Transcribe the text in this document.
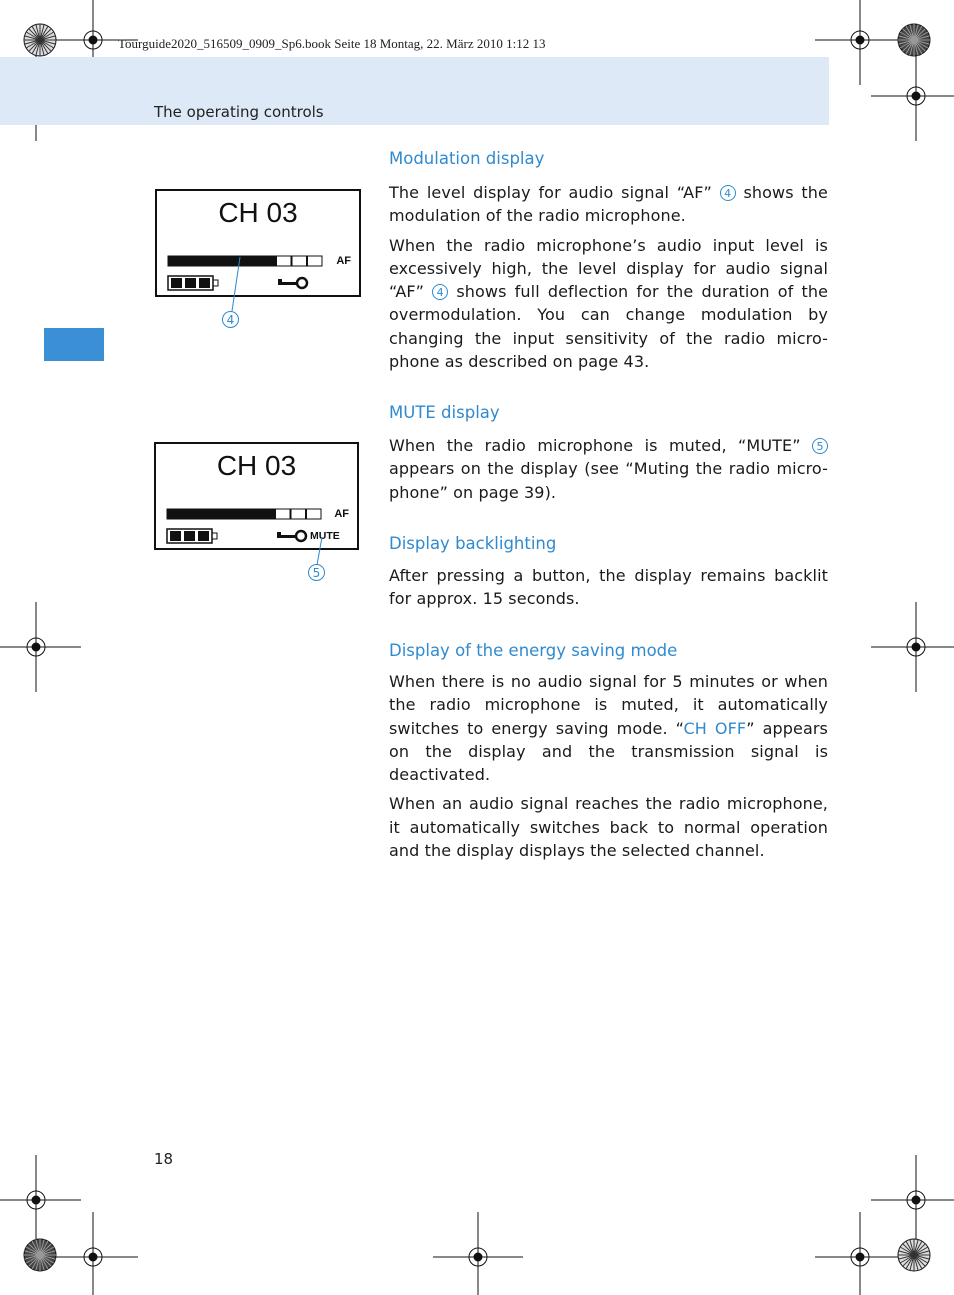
Tourguide2020_516509_0909_Sp6.book Seite 18 Montag, 22. März 2010 1:12 13
The operating controls
CH 03
AF
4
CH 03
AF
MUTE
5
Modulation display
The level display for audio signal “AF” 4 shows the modulation of the radio microphone.
When the radio microphone’s audio input level is excessively high, the level display for audio signal “AF” 4 shows full deflection for the duration of the overmodulation. You can change modulation by changing the input sensitivity of the radio micro-phone as described on page 43.
MUTE display
When the radio microphone is muted, “MUTE” 5 appears on the display (see “Muting the radio micro-phone” on page 39).
Display backlighting
After pressing a button, the display remains backlit for approx. 15 seconds.
Display of the energy saving mode
When there is no audio signal for 5 minutes or when the radio microphone is muted, it automatically switches to energy saving mode. “CH OFF” appears on the display and the transmission signal is deactivated.
When an audio signal reaches the radio microphone, it automatically switches back to normal operation and the display displays the selected channel.
18
